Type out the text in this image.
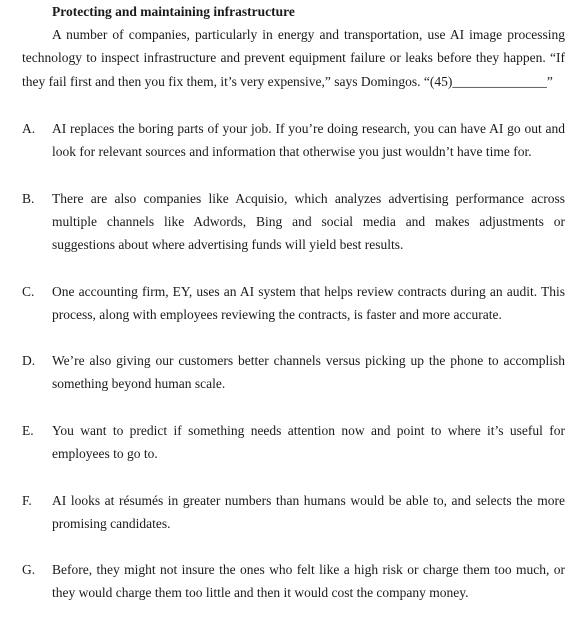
Protecting and maintaining infrastructure
A number of companies, particularly in energy and transportation, use AI image processing
technology to inspect infrastructure and prevent equipment failure or leaks before they happen. “If
they fail first and then you fix them, it’s very expensive,” says Domingos. “(45)______________”
A. AI replaces the boring parts of your job. If you’re doing research, you can have AI go out and
look for relevant sources and information that otherwise you just wouldn’t have time for.
B. There are also companies like Acquisio, which analyzes advertising performance across
multiple channels like Adwords, Bing and social media and makes adjustments or
suggestions about where advertising funds will yield best results.
C. One accounting firm, EY, uses an AI system that helps review contracts during an audit. This
process, along with employees reviewing the contracts, is faster and more accurate.
D. We’re also giving our customers better channels versus picking up the phone to accomplish
something beyond human scale.
E. You want to predict if something needs attention now and point to where it’s useful for
employees to go to.
F. AI looks at résumés in greater numbers than humans would be able to, and selects the more
promising candidates.
G. Before, they might not insure the ones who felt like a high risk or charge them too much, or
they would charge them too little and then it would cost the company money.
